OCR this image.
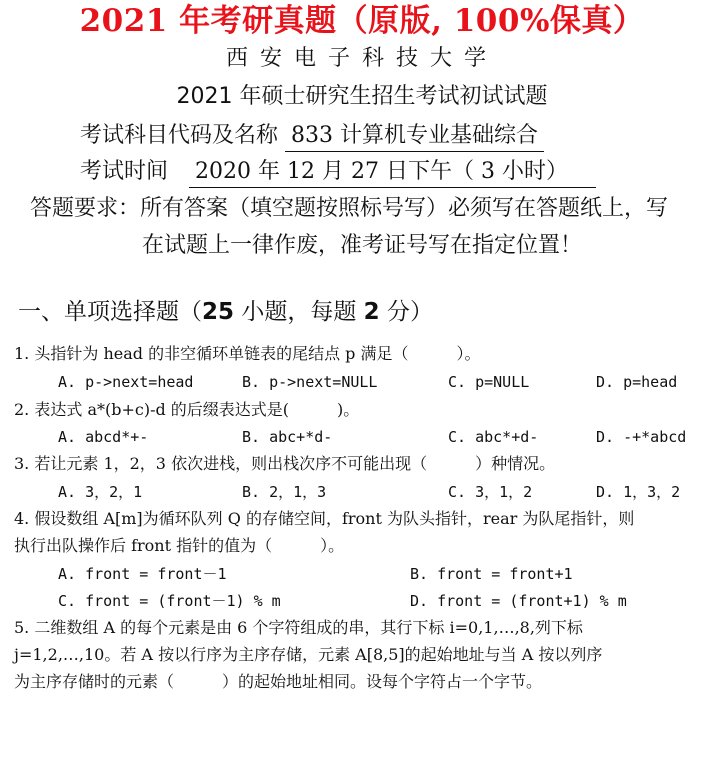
2021 年考研真题（原版, 100%保真）
西安电子科技大学
2021 年硕士研究生招生考试初试试题
考试科目代码及名称 833 计算机专业基础综合
考试时间 2020 年 12 月 27 日下午（ 3 小时）
答题要求：所有答案（填空题按照标号写）必须写在答题纸上，写
在试题上一律作废，准考证号写在指定位置！
一、单项选择题（25 小题，每题 2 分）
1. 头指针为 head 的非空循环单链表的尾结点 p 满足（　　　）。
A. p->next=head	B. p->next=NULL	C. p=NULL	D. p=head
2. 表达式 a*(b+c)-d 的后缀表达式是(　　　)。
A. abcd*+-	B. abc+*d-	C. abc*+d-	D. -+*abcd
3. 若让元素 1，2，3 依次进栈，则出栈次序不可能出现（　　　）种情况。
A. 3，2，1	B. 2，1，3	C. 3，1，2	D. 1，3，2
4. 假设数组 A[m]为循环队列 Q 的存储空间，front 为队头指针，rear 为队尾指针，则
执行出队操作后 front 指针的值为（　　　）。
A. front = front－1	B. front = front+1
C. front = (front－1) % m	D. front = (front+1) % m
5. 二维数组 A 的每个元素是由 6 个字符组成的串，其行下标 i=0,1,…,8,列下标
j=1,2,…,10。若 A 按以行序为主序存储，元素 A[8,5]的起始地址与当 A 按以列序
为主序存储时的元素（　　　）的起始地址相同。设每个字符占一个字节。
